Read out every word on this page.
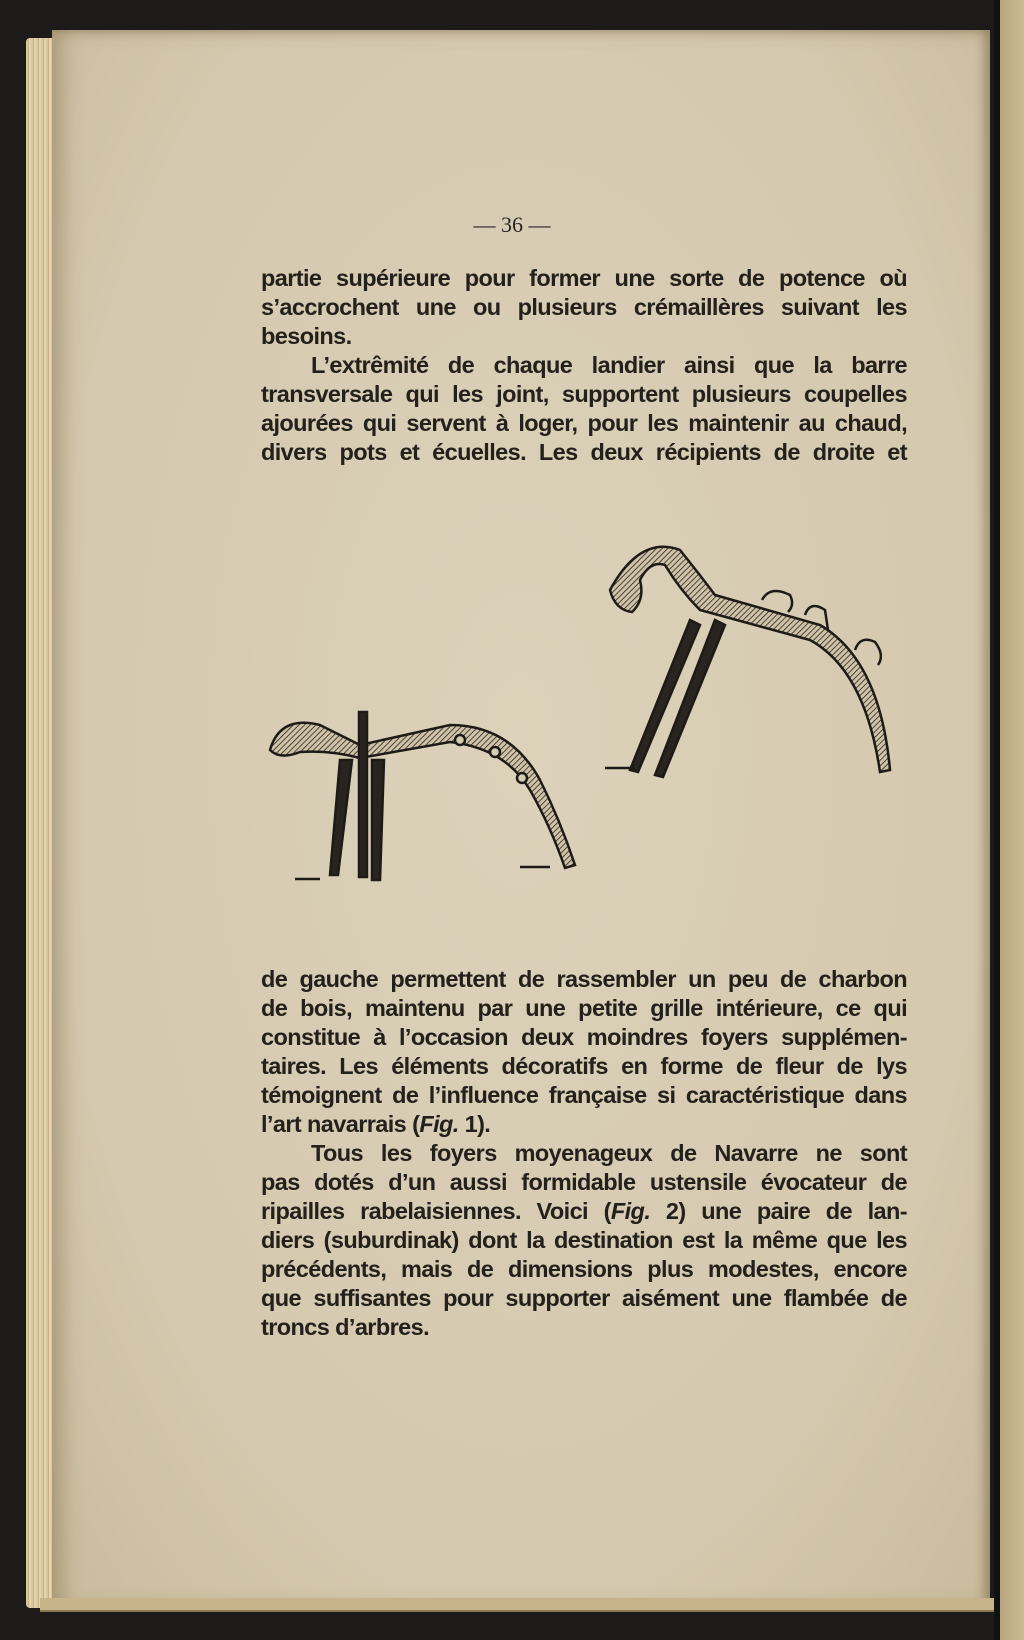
— 36 —
partie supérieure pour former une sorte de potence où
s’accrochent une ou plusieurs crémaillères suivant les
besoins.
L’extrêmité de chaque landier ainsi que la barre
transversale qui les joint, supportent plusieurs coupelles
ajourées qui servent à loger, pour les maintenir au chaud,
divers pots et écuelles. Les deux récipients de droite et
de gauche permettent de rassembler un peu de charbon
de bois, maintenu par une petite grille intérieure, ce qui
constitue à l’occasion deux moindres foyers supplémen-
taires. Les éléments décoratifs en forme de fleur de lys
témoignent de l’influence française si caractéristique dans
l’art navarrais (Fig. 1).
Tous les foyers moyenageux de Navarre ne sont
pas dotés d’un aussi formidable ustensile évocateur de
ripailles rabelaisiennes. Voici (Fig. 2) une paire de lan-
diers (suburdinak) dont la destination est la même que les
précédents, mais de dimensions plus modestes, encore
que suffisantes pour supporter aisément une flambée de
troncs d’arbres.
